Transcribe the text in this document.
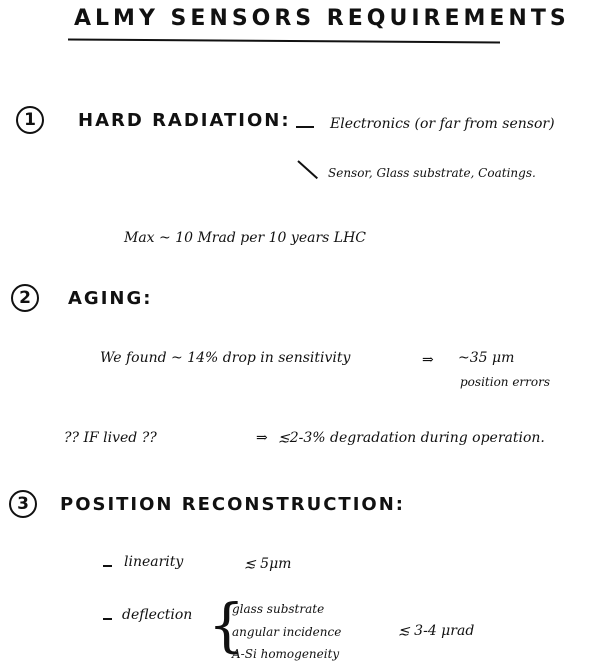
ALMY SENSORS REQUIREMENTS
1	HARD RADIATION:	Electronics (or far from sensor)
Sensor, Glass substrate, Coatings.
Max ~ 10 Mrad per 10 years LHC
2	AGING:
We found ~ 14% drop in sensitivity	⇒ ~35 μm
position errors
?? IF lived ??	⇒ ≲2-3% degradation during operation.
3	POSITION RECONSTRUCTION:
linearity	≲ 5μm
deflection {
glass substrate
angular incidence
A-Si homogeneity
≲ 3-4 μrad
